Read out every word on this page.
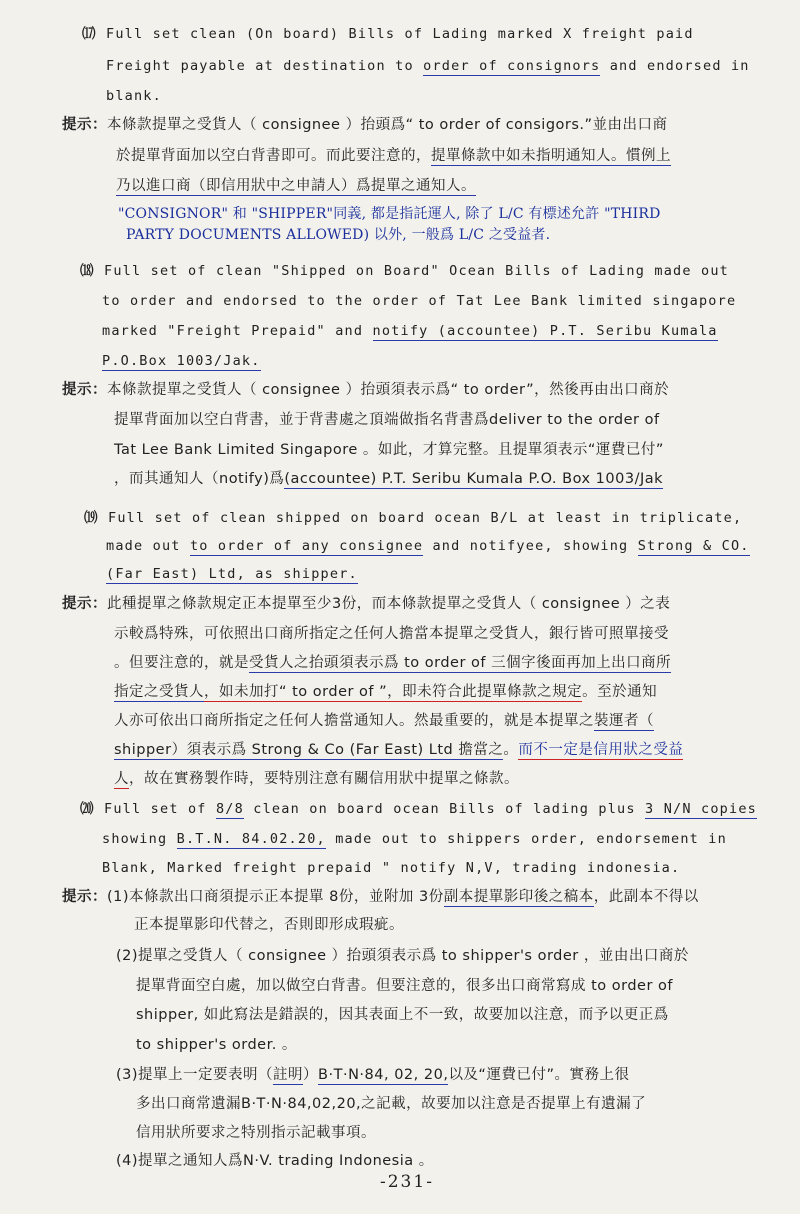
⒄ Full set clean (On board) Bills of Lading marked X freight paid
Freight payable at destination to order of consignors and endorsed in
blank.
提示：本條款提單之受貨人（ consignee ）抬頭爲“ to order of consigors.”並由出口商
於提單背面加以空白背書即可。而此要注意的，提單條款中如未指明通知人。慣例上
乃以進口商（即信用狀中之申請人）爲提單之通知人。
"CONSIGNOR" 和 "SHIPPER"同義, 都是指託運人, 除了 L/C 有標述允許 "THIRD
PARTY DOCUMENTS ALLOWED) 以外, 一般爲 L/C 之受益者.
⒅ Full set of clean "Shipped on Board" Ocean Bills of Lading made out
to order and endorsed to the order of Tat Lee Bank limited singapore
marked "Freight Prepaid" and notify (accountee) P.T. Seribu Kumala
P.O.Box 1003/Jak.
提示：本條款提單之受貨人（ consignee ）抬頭須表示爲“ to order”，然後再由出口商於
提單背面加以空白背書，並于背書處之頂端做指名背書爲deliver to the order of
Tat Lee Bank Limited Singapore 。如此，才算完整。且提單須表示“運費已付”
，而其通知人（notify)爲(accountee) P.T. Seribu Kumala P.O. Box 1003/Jak
⒆ Full set of clean shipped on board ocean B/L at least in triplicate,
made out to order of any consignee and notifyee, showing Strong & CO.
(Far East) Ltd, as shipper.
提示：此種提單之條款規定正本提單至少3份，而本條款提單之受貨人（ consignee ）之表
示較爲特殊，可依照出口商所指定之任何人擔當本提單之受貨人，銀行皆可照單接受
。但要注意的，就是受貨人之抬頭須表示爲 to order of 三個字後面再加上出口商所
指定之受貨人，如未加打“ to order of ”，即未符合此提單條款之規定。至於通知
人亦可依出口商所指定之任何人擔當通知人。然最重要的，就是本提單之裝運者（
shipper）須表示爲 Strong & Co (Far East) Ltd 擔當之。而不一定是信用狀之受益
人，故在實務製作時，要特別注意有關信用狀中提單之條款。
⒇ Full set of 8/8 clean on board ocean Bills of lading plus 3 N/N copies
showing B.T.N. 84.02.20, made out to shippers order, endorsement in
Blank, Marked freight prepaid " notify N,V, trading indonesia.
提示：(1)本條款出口商須提示正本提單 8份，並附加 3份副本提單影印後之稿本，此副本不得以
正本提單影印代替之，否則即形成瑕疵。
(2)提單之受貨人（ consignee ）抬頭須表示爲 to shipper's order ，並由出口商於
提單背面空白處，加以做空白背書。但要注意的，很多出口商常寫成 to order of
shipper, 如此寫法是錯誤的，因其表面上不一致，故要加以注意，而予以更正爲
to shipper's order. 。
(3)提單上一定要表明（註明）B·T·N·84, 02, 20,以及“運費已付”。實務上很
多出口商常遺漏B·T·N·84,02,20,之記載，故要加以注意是否提單上有遺漏了
信用狀所要求之特別指示記載事項。
(4)提單之通知人爲N·V. trading Indonesia 。
-231-
